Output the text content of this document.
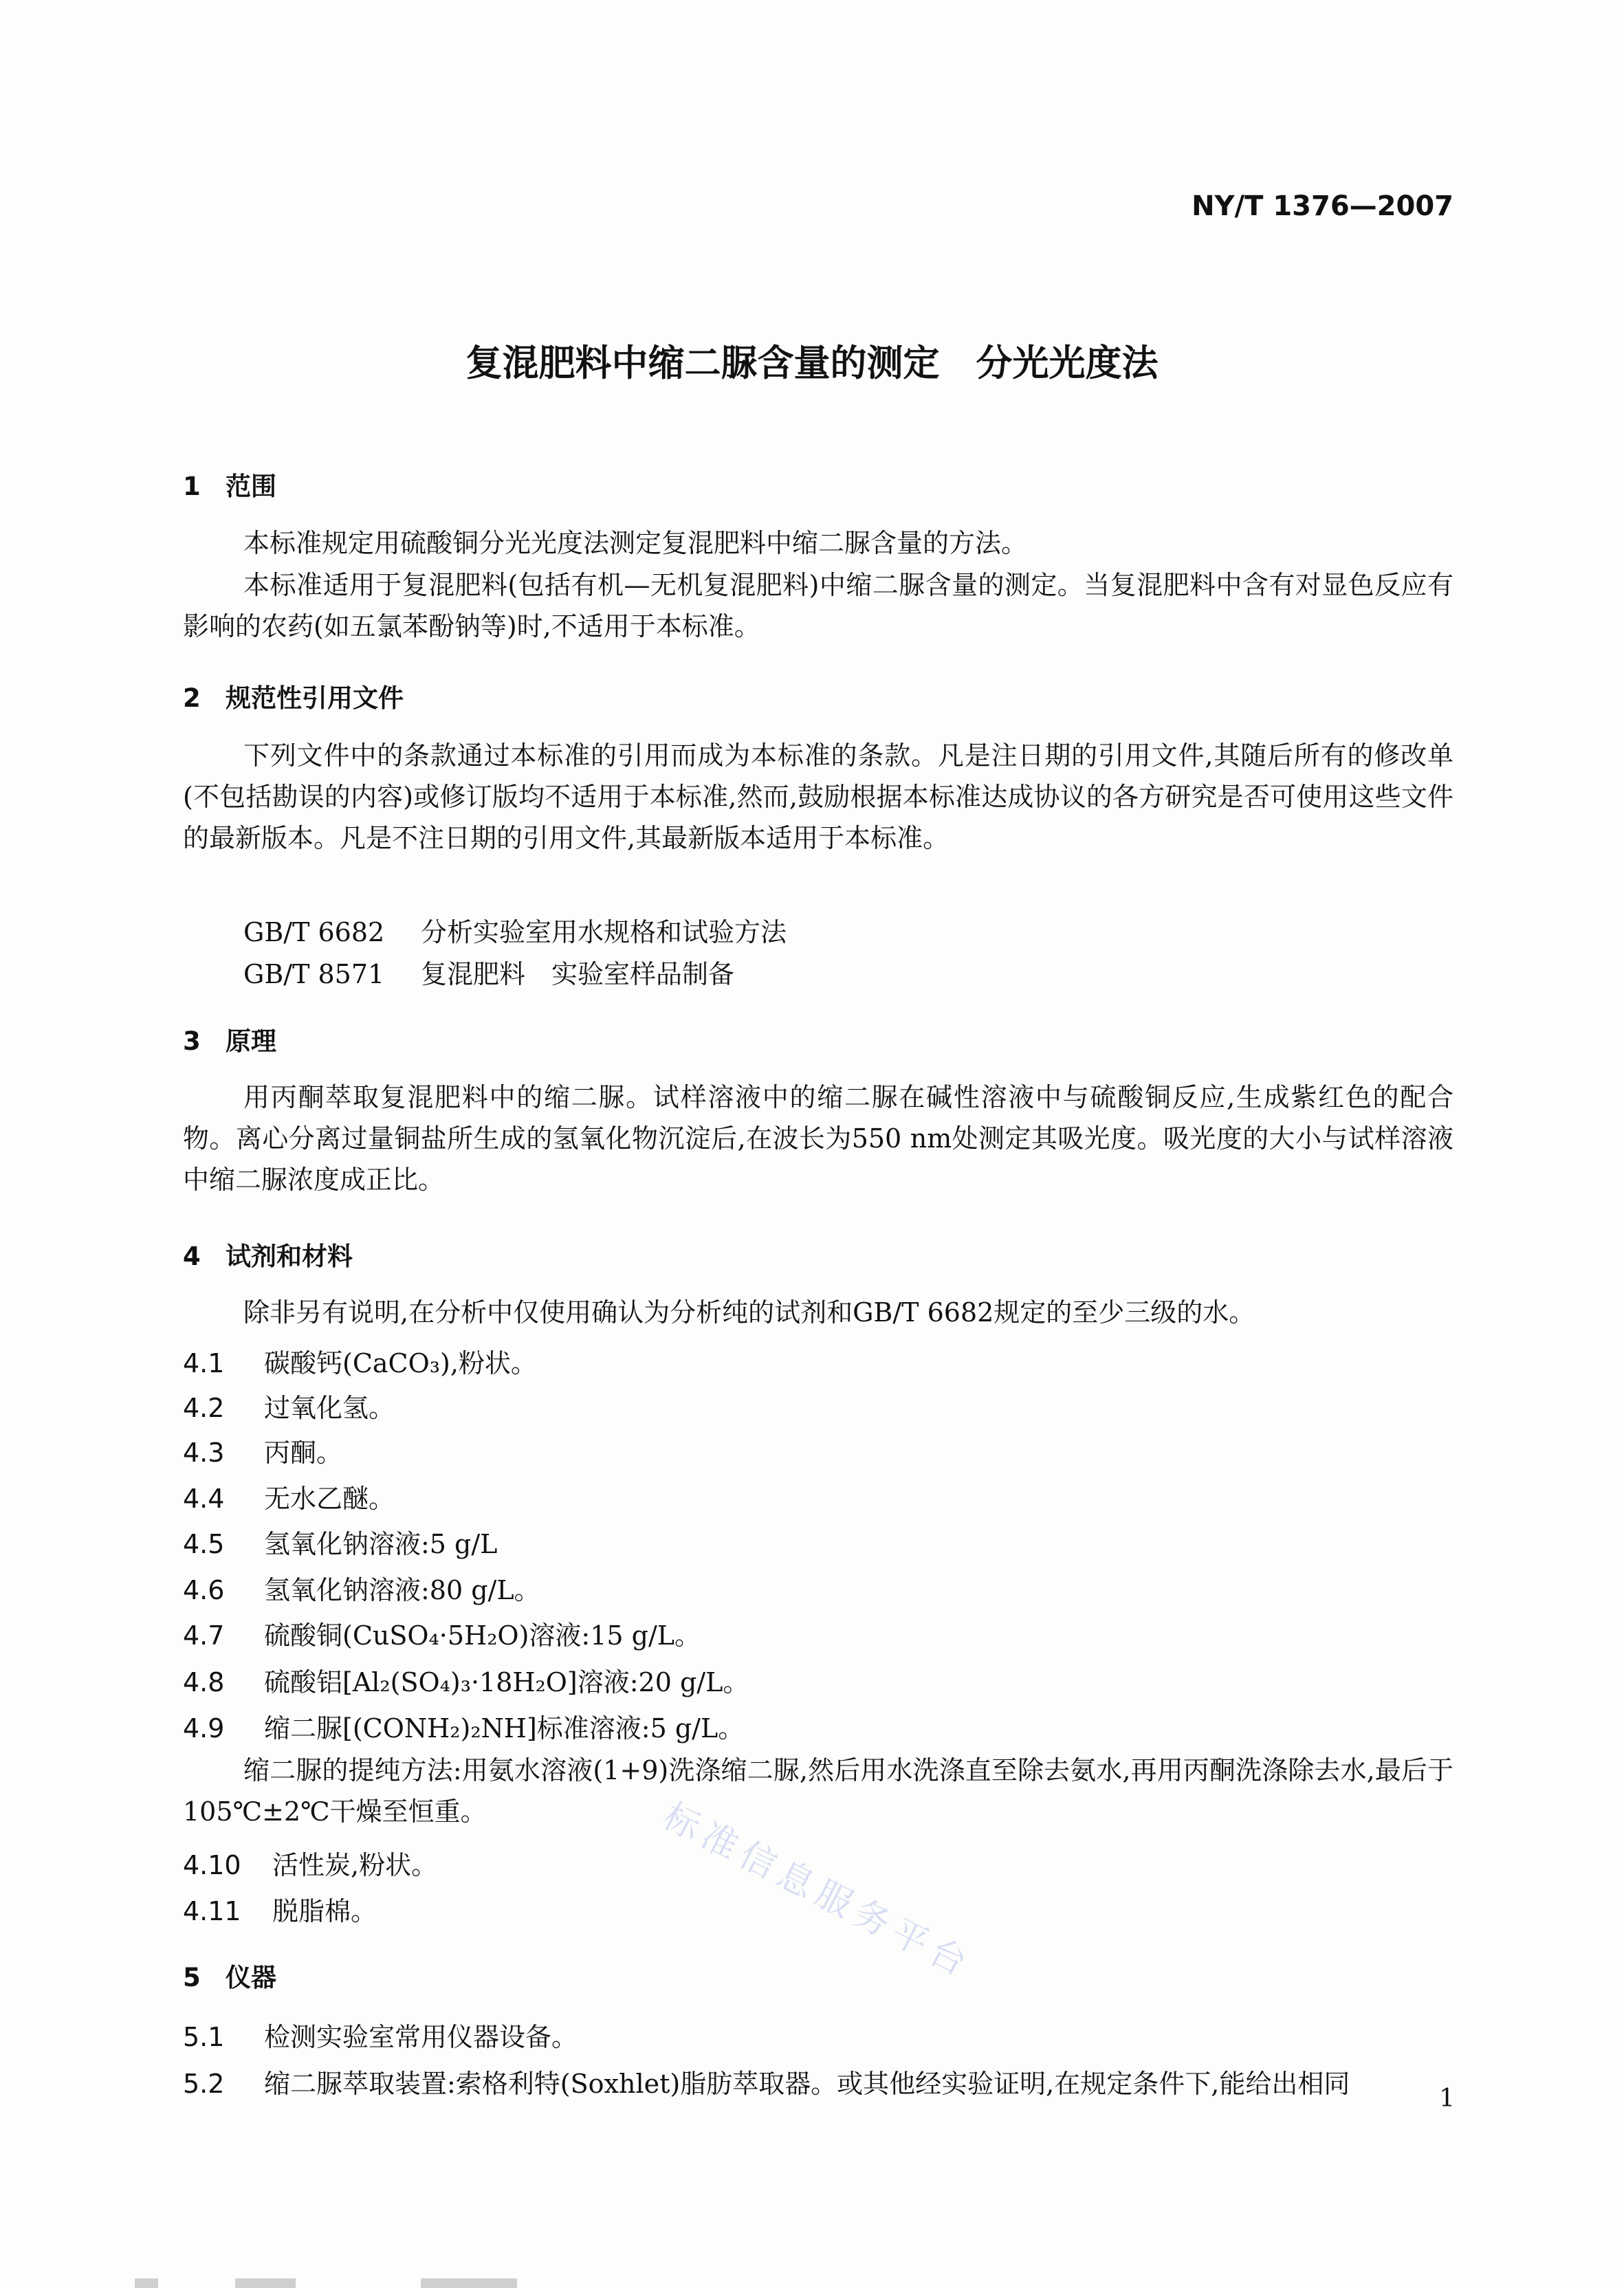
NY/T 1376—2007
复混肥料中缩二脲含量的测定　分光光度法
1 范围

本标准规定用硫酸铜分光光度法测定复混肥料中缩二脲含量的方法。

本标准适用于复混肥料(包括有机—无机复混肥料)中缩二脲含量的测定。当复混肥料中含有对显色反应有影响的农药(如五氯苯酚钠等)时,不适用于本标准。

2 规范性引用文件

下列文件中的条款通过本标准的引用而成为本标准的条款。凡是注日期的引用文件,其随后所有的修改单(不包括勘误的内容)或修订版均不适用于本标准,然而,鼓励根据本标准达成协议的各方研究是否可使用这些文件的最新版本。凡是不注日期的引用文件,其最新版本适用于本标准。

GB/T 6682 分析实验室用水规格和试验方法
GB/T 8571 复混肥料　实验室样品制备
3 原理

用丙酮萃取复混肥料中的缩二脲。试样溶液中的缩二脲在碱性溶液中与硫酸铜反应,生成紫红色的配合物。离心分离过量铜盐所生成的氢氧化物沉淀后,在波长为550 nm处测定其吸光度。吸光度的大小与试样溶液中缩二脲浓度成正比。

4 试剂和材料

除非另有说明,在分析中仅使用确认为分析纯的试剂和GB/T 6682规定的至少三级的水。

4.1 碳酸钙(CaCO₃),粉状。
4.2 过氧化氢。
4.3 丙酮。
4.4 无水乙醚。
4.5 氢氧化钠溶液:5 g/L
4.6 氢氧化钠溶液:80 g/L。
4.7 硫酸铜(CuSO₄·5H₂O)溶液:15 g/L。
4.8 硫酸铝[Al₂(SO₄)₃·18H₂O]溶液:20 g/L。
4.9 缩二脲[(CONH₂)₂NH]标准溶液:5 g/L。

缩二脲的提纯方法:用氨水溶液(1+9)洗涤缩二脲,然后用水洗涤直至除去氨水,再用丙酮洗涤除去水,最后于105℃±2℃干燥至恒重。

4.10 活性炭,粉状。
4.11 脱脂棉。
5 仪器
5.1 检测实验室常用仪器设备。
5.2 缩二脲萃取装置:索格利特(Soxhlet)脂肪萃取器。或其他经实验证明,在规定条件下,能给出相同	1
标准信息服务平台
